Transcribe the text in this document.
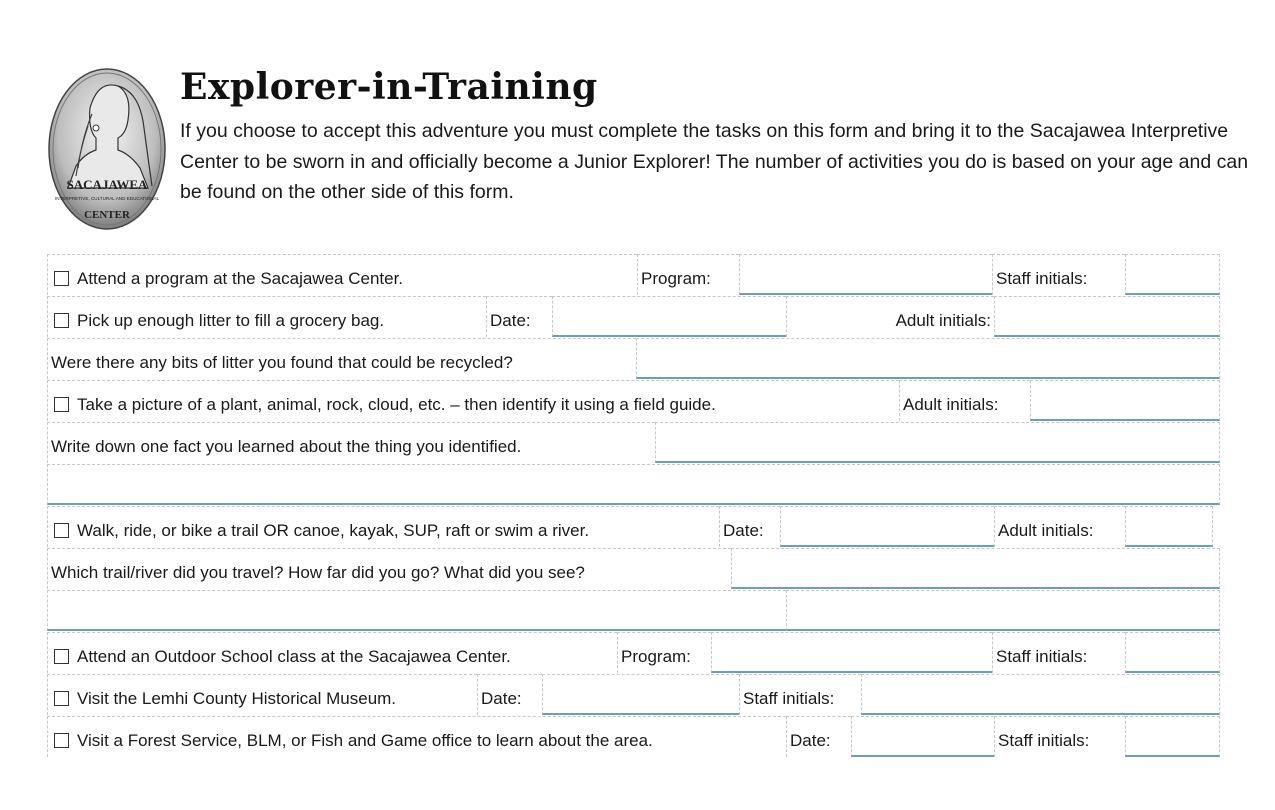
SACAJAWEA
INTERPRETIVE, CULTURAL AND EDUCATIONAL
CENTER
Explorer-in-Training
If you choose to accept this adventure you must complete the tasks on this form and bring it to the Sacajawea Interpretive Center to be sworn in and officially become a Junior Explorer! The number of activities you do is based on your age and can be found on the other side of this form.
Attend a program at the Sacajawea Center.	Program:	Staff initials:
Pick up enough litter to fill a grocery bag.	Date:	Adult initials:
Were there any bits of litter you found that could be recycled?
Take a picture of a plant, animal, rock, cloud, etc. – then identify it using a field guide.	Adult initials:
Write down one fact you learned about the thing you identified.
Walk, ride, or bike a trail OR canoe, kayak, SUP, raft or swim a river.	Date:	Adult initials:
Which trail/river did you travel? How far did you go? What did you see?
Attend an Outdoor School class at the Sacajawea Center.	Program:	Staff initials:
Visit the Lemhi County Historical Museum.	Date:	Staff initials:
Visit a Forest Service, BLM, or Fish and Game office to learn about the area.	Date:	Staff initials:
